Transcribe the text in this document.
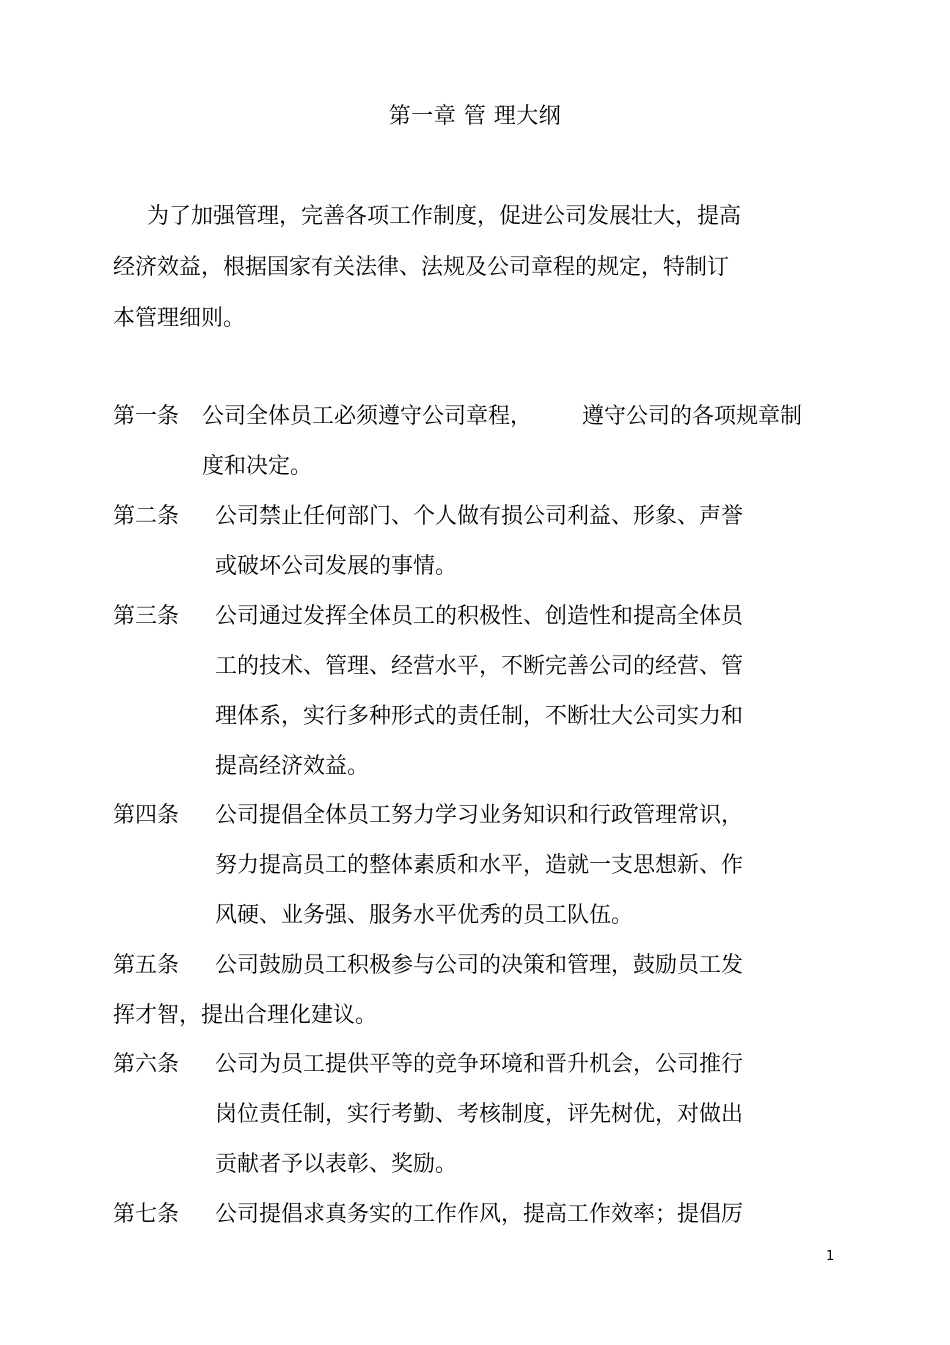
第一章 管 理大纲
为了加强管理，完善各项工作制度，促进公司发展壮大，提高
经济效益，根据国家有关法律、法规及公司章程的规定，特制订
本管理细则。
第一条 公司全体员工必须遵守公司章程， 遵守公司的各项规章制
度和决定。
第二条 公司禁止任何部门、个人做有损公司利益、形象、声誉
或破坏公司发展的事情。
第三条 公司通过发挥全体员工的积极性、创造性和提高全体员
工的技术、管理、经营水平，不断完善公司的经营、管
理体系，实行多种形式的责任制，不断壮大公司实力和
提高经济效益。
第四条 公司提倡全体员工努力学习业务知识和行政管理常识，
努力提高员工的整体素质和水平，造就一支思想新、作
风硬、业务强、服务水平优秀的员工队伍。
第五条 公司鼓励员工积极参与公司的决策和管理，鼓励员工发
挥才智，提出合理化建议。
第六条 公司为员工提供平等的竞争环境和晋升机会，公司推行
岗位责任制，实行考勤、考核制度，评先树优，对做出
贡献者予以表彰、奖励。
第七条 公司提倡求真务实的工作作风，提高工作效率；提倡厉
1
